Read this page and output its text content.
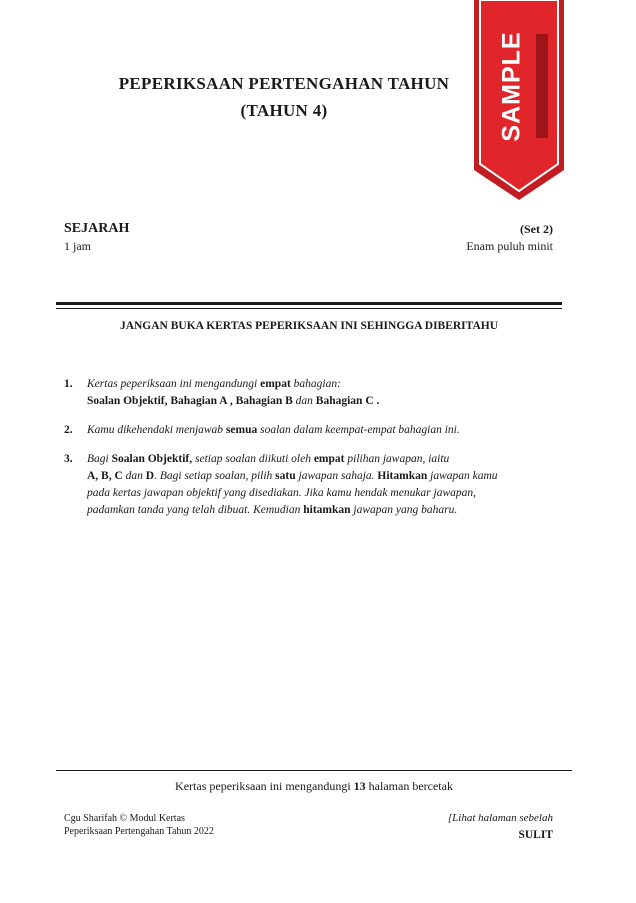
PEPERIKSAAN PERTENGAHAN TAHUN
(TAHUN 4)	SAMPLE
SEJARAH
1 jam
(Set 2)
Enam puluh minit
JANGAN BUKA KERTAS PEPERIKSAAN INI SEHINGGA DIBERITAHU
1.	Kertas peperiksaan ini mengandungi empat bahagian:
Soalan Objektif, Bahagian A , Bahagian B dan Bahagian C .
2.	Kamu dikehendaki menjawab semua soalan dalam keempat-empat bahagian ini.
3.	Bagi Soalan Objektif, setiap soalan diikuti oleh empat pilihan jawapan, iaitu
A, B, C dan D. Bagi setiap soalan, pilih satu jawapan sahaja. Hitamkan jawapan kamu
pada kertas jawapan objektif yang disediakan. Jika kamu hendak menukar jawapan,
padamkan tanda yang telah dibuat. Kemudian hitamkan jawapan yang baharu.
Kertas peperiksaan ini mengandungi 13 halaman bercetak
Cgu Sharifah © Modul Kertas
Peperiksaan Pertengahan Tahun 2022
[Lihat halaman sebelah
SULIT
